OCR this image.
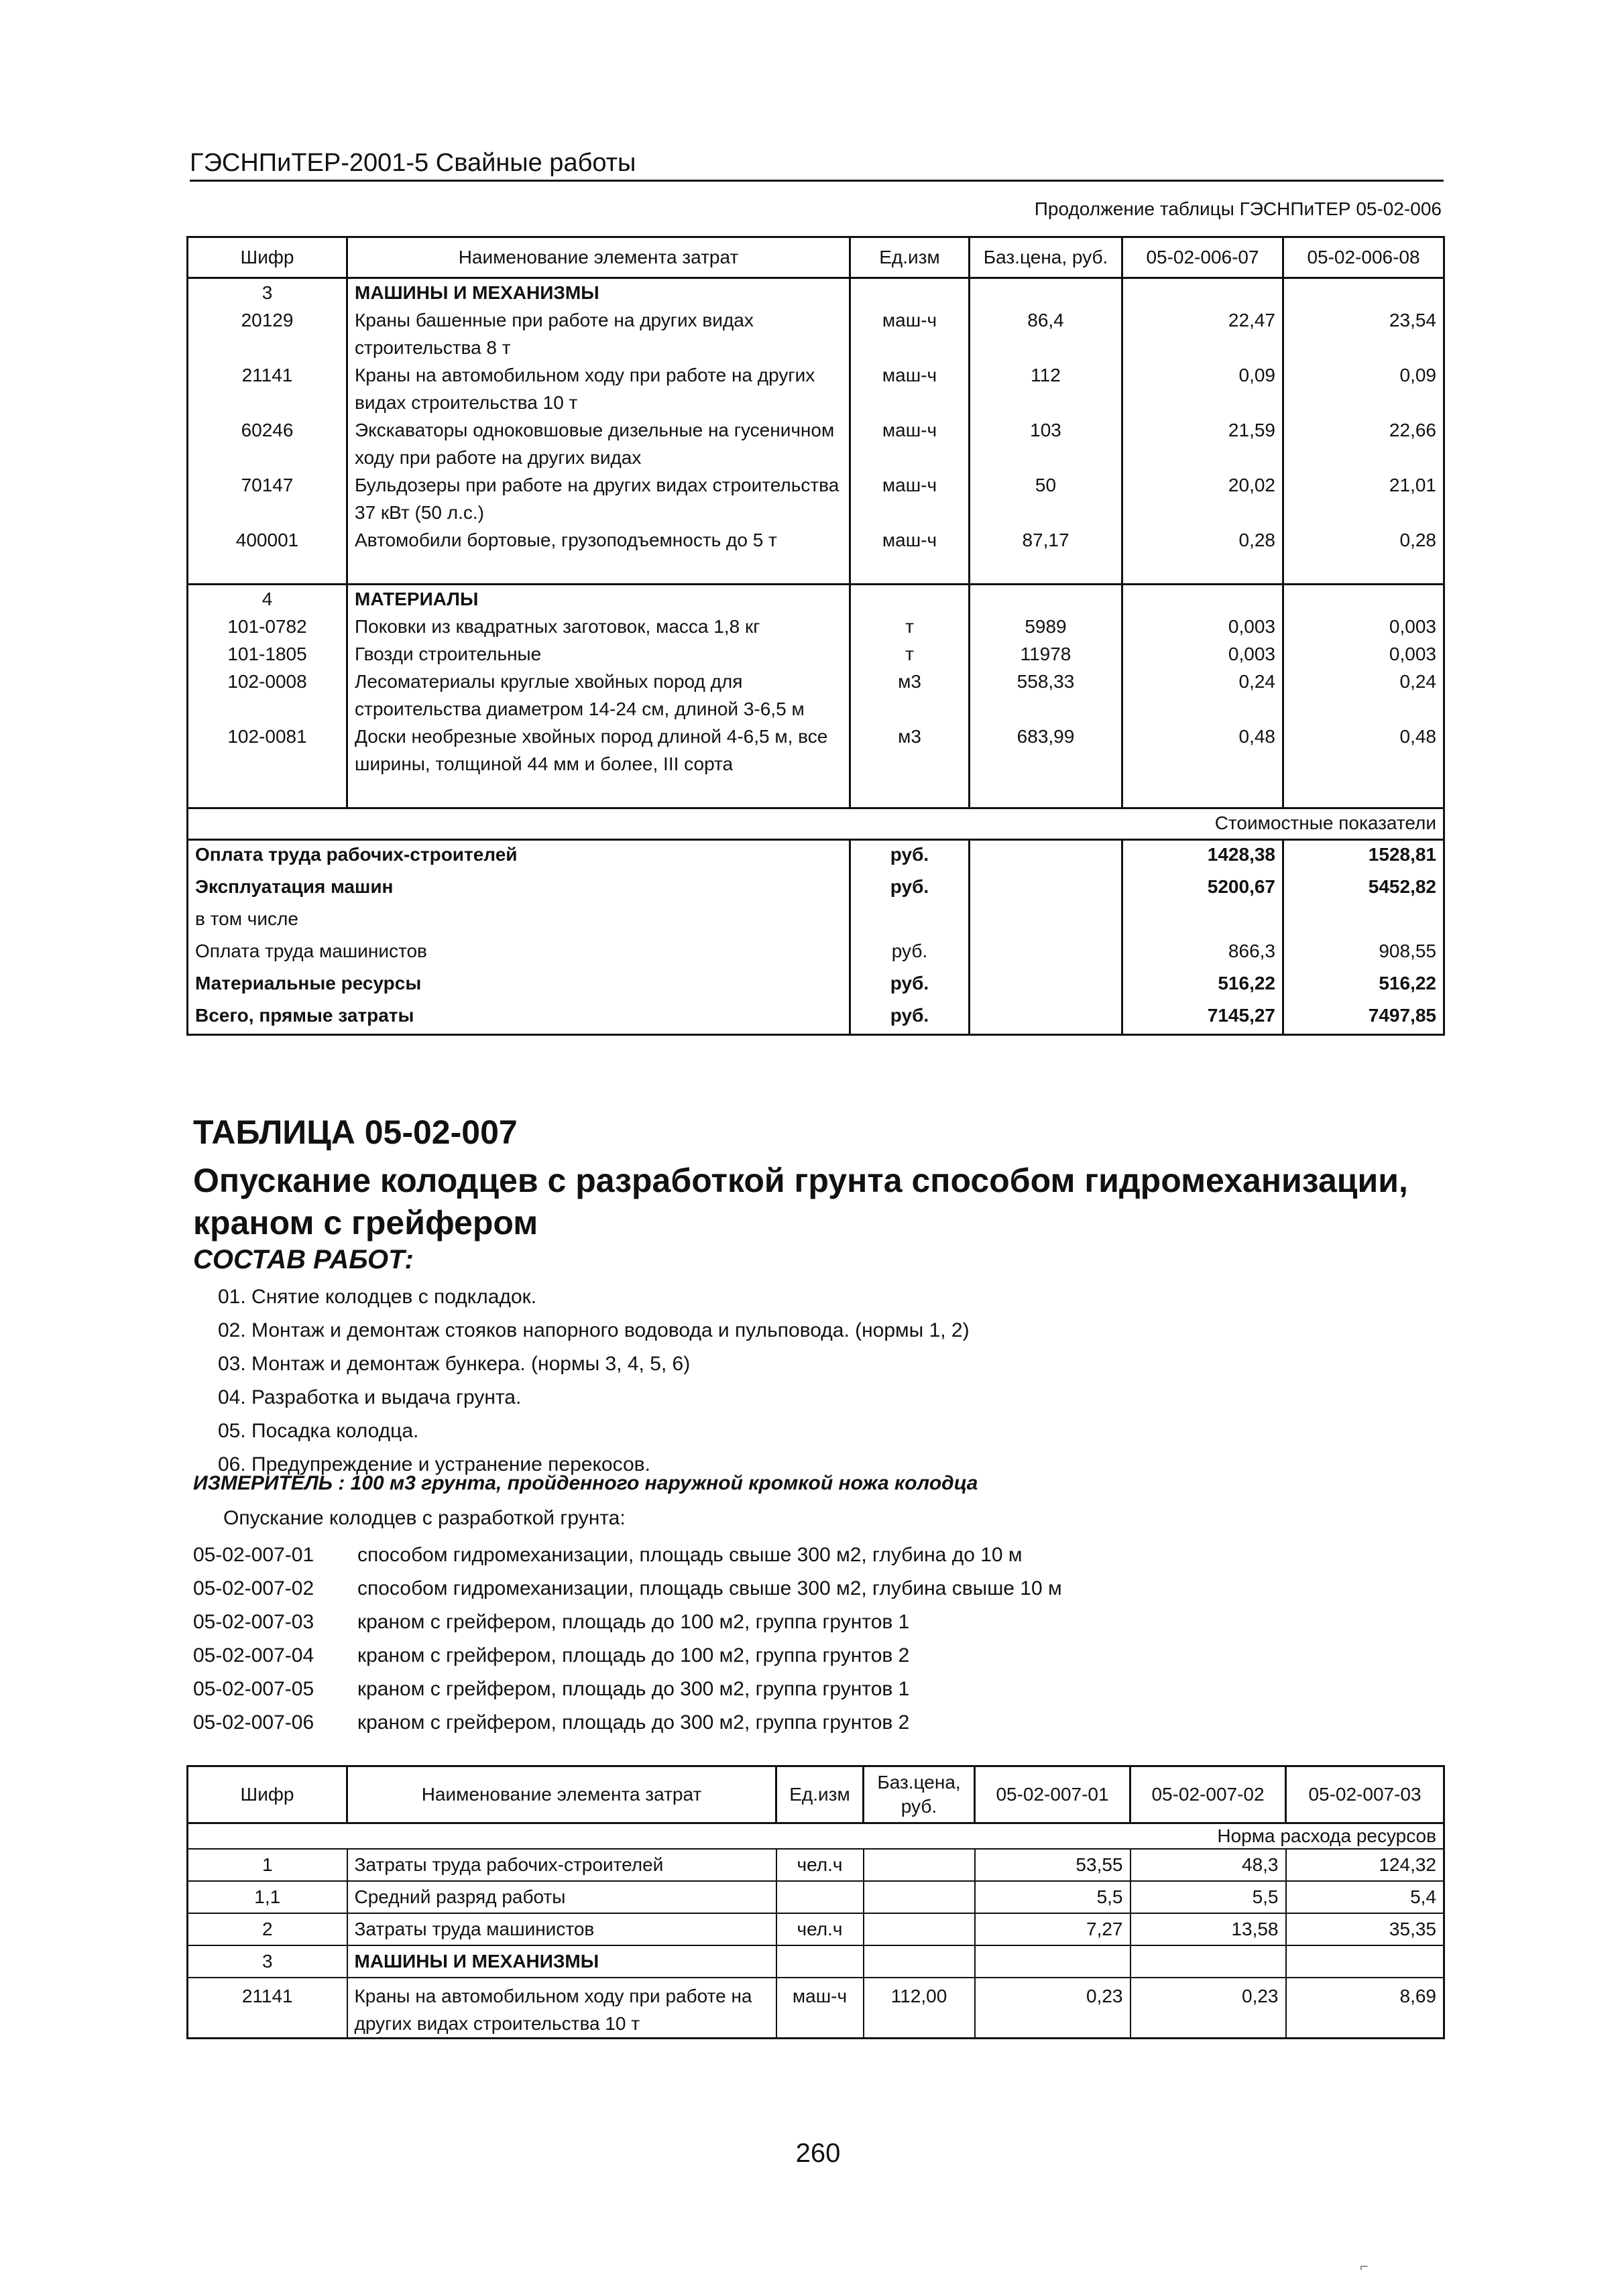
ГЭСНПиТЕР-2001-5 Свайные работы
Продолжение таблицы ГЭСНПиТЕР 05-02-006
Шифр	Наименование элемента затрат	Ед.изм	Баз.цена, руб.	05-02-006-07	05-02-006-08
3	МАШИНЫ И МЕХАНИЗМЫ				
20129	Краны башенные при работе на других видах строительства 8 т	маш-ч	86,4	22,47	23,54
21141	Краны на автомобильном ходу при работе на других видах строительства 10 т	маш-ч	112	0,09	0,09
60246	Экскаваторы одноковшовые дизельные на гусеничном ходу при работе на других видах	маш-ч	103	21,59	22,66
70147	Бульдозеры при работе на других видах строительства 37 кВт (50 л.с.)	маш-ч	50	20,02	21,01
400001	Автомобили бортовые, грузоподъемность до 5 т	маш-ч	87,17	0,28	0,28

4	МАТЕРИАЛЫ				
101-0782	Поковки из квадратных заготовок, масса 1,8 кг	т	5989	0,003	0,003
101-1805	Гвозди строительные	т	11978	0,003	0,003
102-0008	Лесоматериалы круглые хвойных пород для строительства диаметром 14-24 см, длиной 3-6,5 м	м3	558,33	0,24	0,24
102-0081	Доски необрезные хвойных пород длиной 4-6,5 м, все ширины, толщиной 44 мм и более, III сорта	м3	683,99	0,48	0,48

Стоимостные показатели					
Оплата труда рабочих-строителей		руб.		1428,38	1528,81
Эксплуатация машин		руб.		5200,67	5452,82
в том числе					
Оплата труда машинистов		руб.		866,3	908,55
Материальные ресурсы		руб.		516,22	516,22
Всего, прямые затраты		руб.		7145,27	7497,85
ТАБЛИЦА 05-02-007
Опускание колодцев с разработкой грунта способом гидромеханизации, краном с грейфером
СОСТАВ РАБОТ:
01. Снятие колодцев с подкладок.
02. Монтаж и демонтаж стояков напорного водовода и пульповода. (нормы 1, 2)
03. Монтаж и демонтаж бункера. (нормы 3, 4, 5, 6)
04. Разработка и выдача грунта.
05. Посадка колодца.
06. Предупреждение и устранение перекосов.
ИЗМЕРИТЕЛЬ : 100 м3 грунта, пройденного наружной кромкой ножа колодца
Опускание колодцев с разработкой грунта:
05-02-007-01 способом гидромеханизации, площадь свыше 300 м2, глубина до 10 м
05-02-007-02 способом гидромеханизации, площадь свыше 300 м2, глубина свыше 10 м
05-02-007-03 краном с грейфером, площадь до 100 м2, группа грунтов 1
05-02-007-04 краном с грейфером, площадь до 100 м2, группа грунтов 2
05-02-007-05 краном с грейфером, площадь до 300 м2, группа грунтов 1
05-02-007-06 краном с грейфером, площадь до 300 м2, группа грунтов 2
Шифр	Наименование элемента затрат	Ед.изм	Баз.цена, руб.	05-02-007-01	05-02-007-02	05-02-007-03
Норма расхода ресурсов						
1	Затраты труда рабочих-строителей	чел.ч		53,55	48,3	124,32
1,1	Средний разряд работы			5,5	5,5	5,4
2	Затраты труда машинистов	чел.ч		7,27	13,58	35,35
3	МАШИНЫ И МЕХАНИЗМЫ					
21141	Краны на автомобильном ходу при работе на других видах строительства 10 т	маш-ч	112,00	0,23	0,23	8,69
260
⌐
